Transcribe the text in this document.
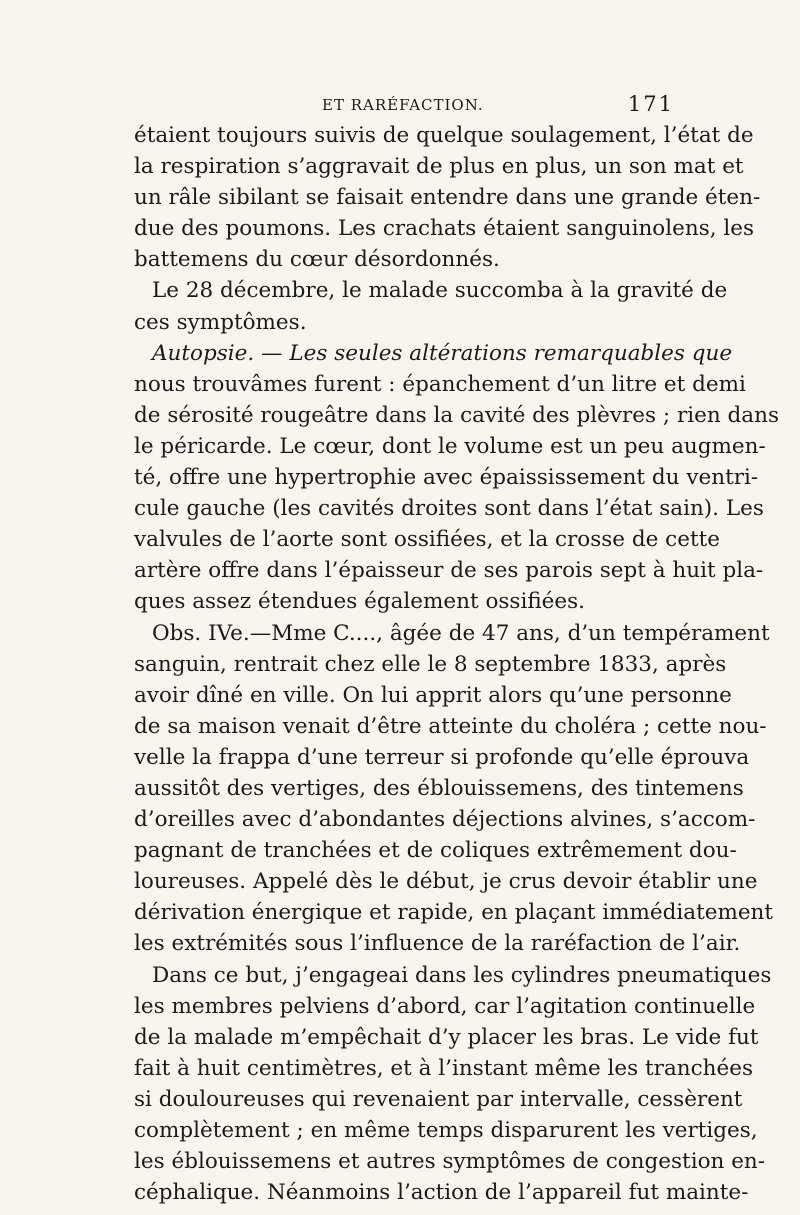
ET RARÉFACTION.	171
étaient toujours suivis de quelque soulagement, l’état de
la respiration s’aggravait de plus en plus, un son mat et
un râle sibilant se faisait entendre dans une grande éten-
due des poumons. Les crachats étaient sanguinolens, les
battemens du cœur désordonnés.
Le 28 décembre, le malade succomba à la gravité de
ces symptômes.
Autopsie. — Les seules altérations remarquables que
nous trouvâmes furent : épanchement d’un litre et demi
de sérosité rougeâtre dans la cavité des plèvres ; rien dans
le péricarde. Le cœur, dont le volume est un peu augmen-
té, offre une hypertrophie avec épaississement du ventri-
cule gauche (les cavités droites sont dans l’état sain). Les
valvules de l’aorte sont ossifiées, et la crosse de cette
artère offre dans l’épaisseur de ses parois sept à huit pla-
ques assez étendues également ossifiées.
Obs. IVe.—Mme C...., âgée de 47 ans, d’un tempérament
sanguin, rentrait chez elle le 8 septembre 1833, après
avoir dîné en ville. On lui apprit alors qu’une personne
de sa maison venait d’être atteinte du choléra ; cette nou-
velle la frappa d’une terreur si profonde qu’elle éprouva
aussitôt des vertiges, des éblouissemens, des tintemens
d’oreilles avec d’abondantes déjections alvines, s’accom-
pagnant de tranchées et de coliques extrêmement dou-
loureuses. Appelé dès le début, je crus devoir établir une
dérivation énergique et rapide, en plaçant immédiatement
les extrémités sous l’influence de la raréfaction de l’air.
Dans ce but, j’engageai dans les cylindres pneumatiques
les membres pelviens d’abord, car l’agitation continuelle
de la malade m’empêchait d’y placer les bras. Le vide fut
fait à huit centimètres, et à l’instant même les tranchées
si douloureuses qui revenaient par intervalle, cessèrent
complètement ; en même temps disparurent les vertiges,
les éblouissemens et autres symptômes de congestion en-
céphalique. Néanmoins l’action de l’appareil fut mainte-
